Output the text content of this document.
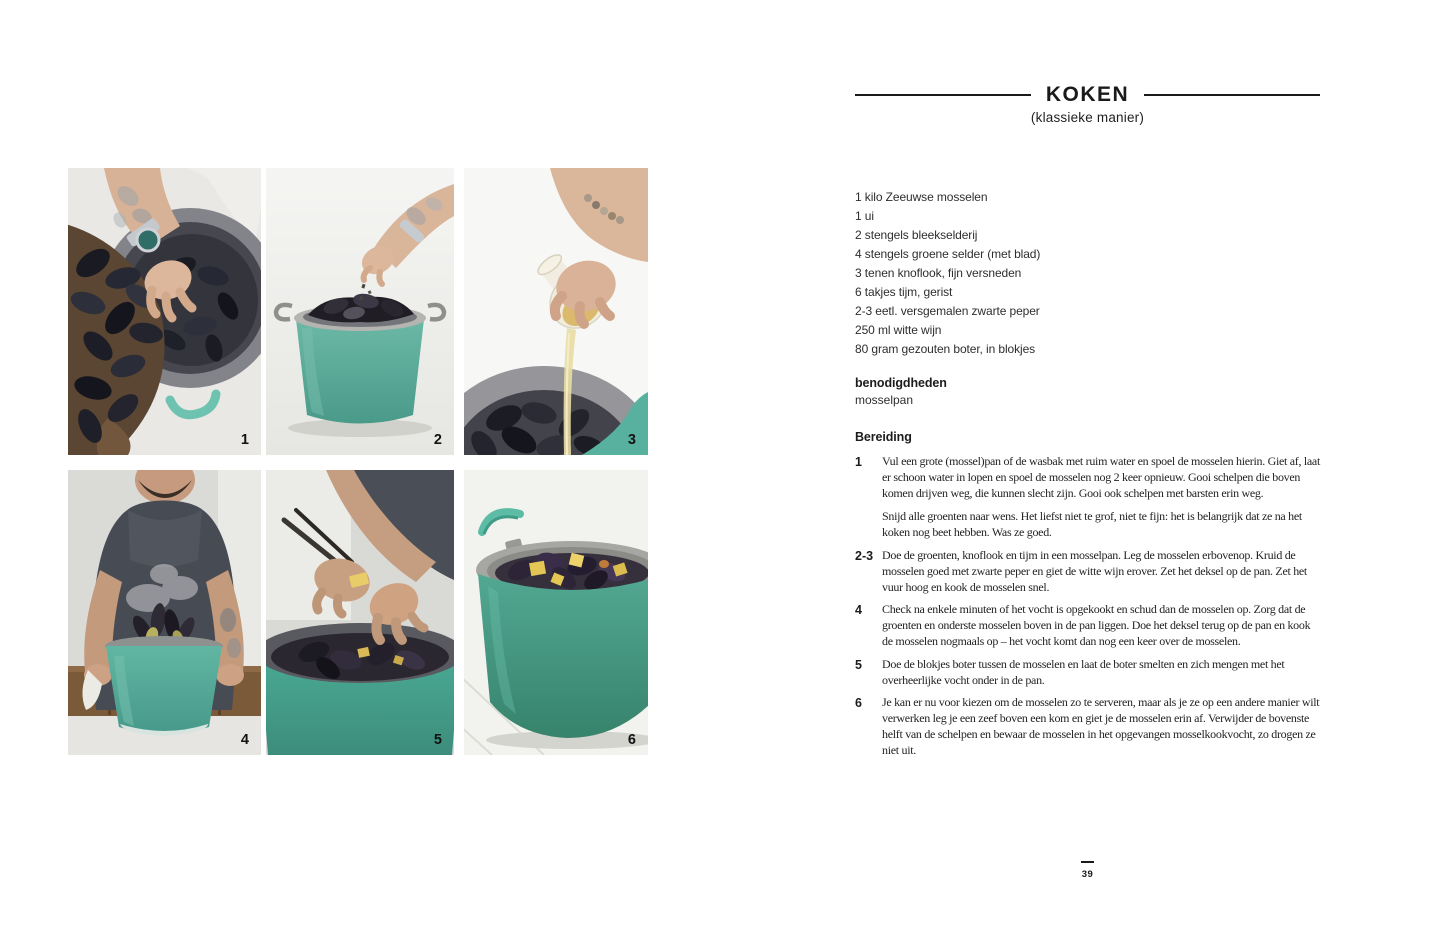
1	2	3
4	5	6
KOKEN
(klassieke manier)
1 kilo Zeeuwse mosselen
1 ui
2 stengels bleekselderij
4 stengels groene selder (met blad)
3 tenen knoflook, fijn versneden
6 takjes tijm, gerist
2-3 eetl. versgemalen zwarte peper
250 ml witte wijn
80 gram gezouten boter, in blokjes
benodigdheden
mosselpan
Bereiding
1	Vul een grote (mossel)pan of de wasbak met ruim water en spoel de mosselen hierin. Giet af, laat er schoon water in lopen en spoel de mosselen nog 2 keer opnieuw. Gooi schelpen die boven komen drijven weg, die kunnen slecht zijn. Gooi ook schelpen met barsten erin weg.

Snijd alle groenten naar wens. Het liefst niet te grof, niet te fijn: het is belangrijk dat ze na het koken nog beet hebben. Was ze goed.

2-3 Doe de groenten, knoflook en tijm in een mosselpan. Leg de mosselen erbovenop. Kruid de mosselen goed met zwarte peper en giet de witte wijn erover. Zet het deksel op de pan. Zet het vuur hoog en kook de mosselen snel.

4	Check na enkele minuten of het vocht is opgekookt en schud dan de mosselen op. Zorg dat de groenten en onderste mosselen boven in de pan liggen. Doe het deksel terug op de pan en kook de mosselen nogmaals op – het vocht komt dan nog een keer over de mosselen.

5	Doe de blokjes boter tussen de mosselen en laat de boter smelten en zich mengen met het overheerlijke vocht onder in de pan.

6	Je kan er nu voor kiezen om de mosselen zo te serveren, maar als je ze op een andere manier wilt verwerken leg je een zeef boven een kom en giet je de mosselen erin af. Verwijder de bovenste helft van de schelpen en bewaar de mosselen in het opgevangen mosselkookvocht, zo drogen ze niet uit.

39
